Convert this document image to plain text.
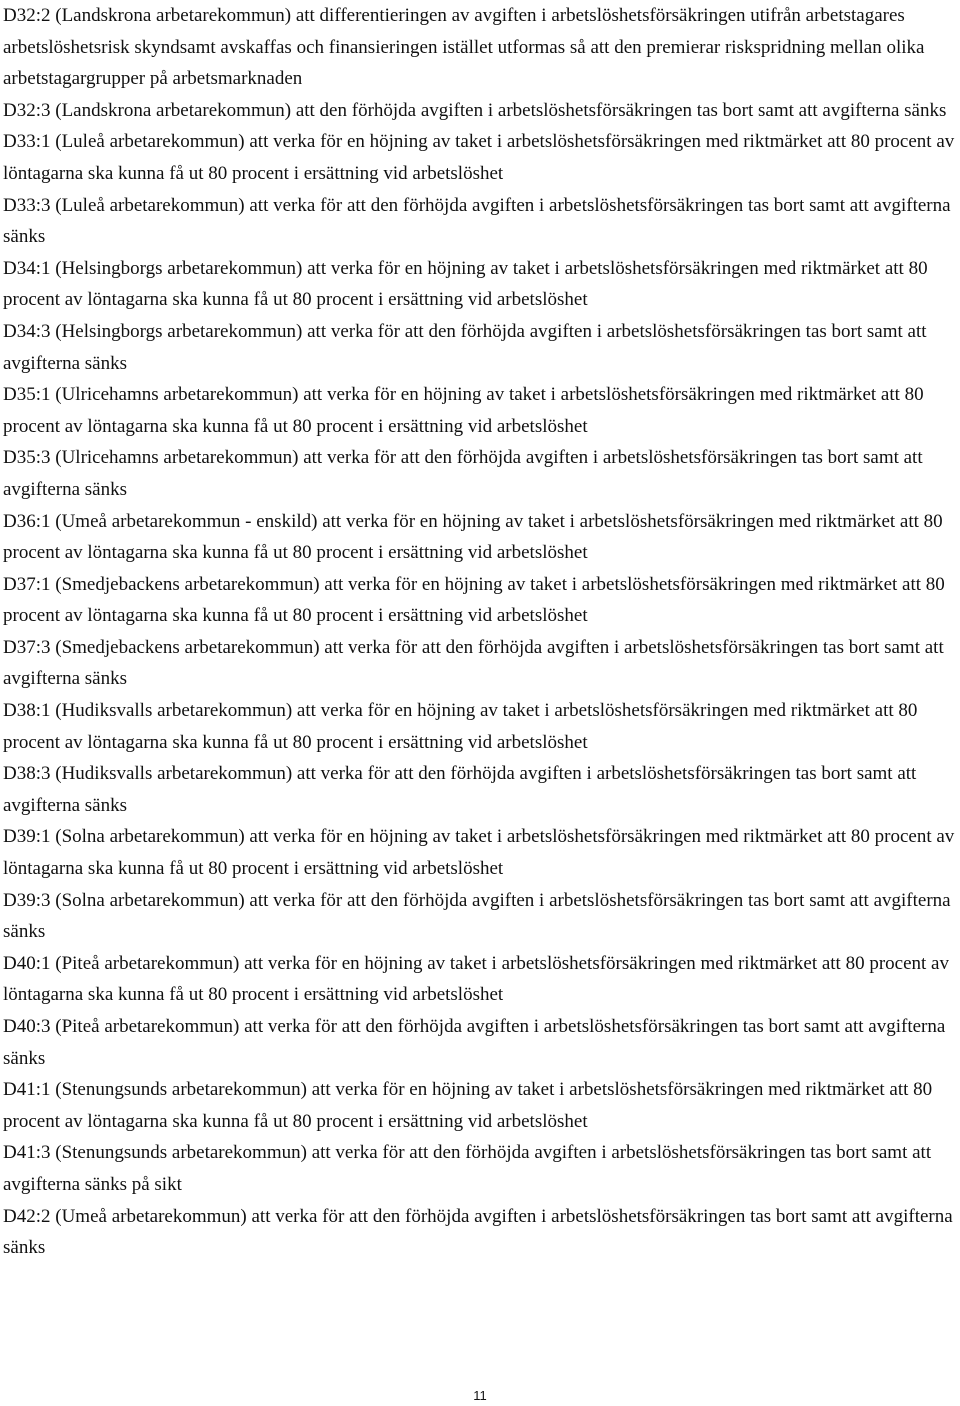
D32:2 (Landskrona arbetarekommun) att differentieringen av avgiften i arbetslöshetsförsäkringen utifrån arbetstagares arbetslöshetsrisk skyndsamt avskaffas och finansieringen istället utformas så att den premierar riskspridning mellan olika arbetstagargrupper på arbetsmarknaden

D32:3 (Landskrona arbetarekommun) att den förhöjda avgiften i arbetslöshetsförsäkringen tas bort samt att avgifterna sänks

D33:1 (Luleå arbetarekommun) att verka för en höjning av taket i arbetslöshetsförsäkringen med riktmärket att 80 procent av löntagarna ska kunna få ut 80 procent i ersättning vid arbetslöshet

D33:3 (Luleå arbetarekommun) att verka för att den förhöjda avgiften i arbetslöshetsförsäkringen tas bort samt att avgifterna sänks

D34:1 (Helsingborgs arbetarekommun) att verka för en höjning av taket i arbetslöshetsförsäkringen med riktmärket att 80 procent av löntagarna ska kunna få ut 80 procent i ersättning vid arbetslöshet

D34:3 (Helsingborgs arbetarekommun) att verka för att den förhöjda avgiften i arbetslöshetsförsäkringen tas bort samt att avgifterna sänks

D35:1 (Ulricehamns arbetarekommun) att verka för en höjning av taket i arbetslöshetsförsäkringen med riktmärket att 80 procent av löntagarna ska kunna få ut 80 procent i ersättning vid arbetslöshet

D35:3 (Ulricehamns arbetarekommun) att verka för att den förhöjda avgiften i arbetslöshetsförsäkringen tas bort samt att avgifterna sänks

D36:1 (Umeå arbetarekommun - enskild) att verka för en höjning av taket i arbetslöshetsförsäkringen med riktmärket att 80 procent av löntagarna ska kunna få ut 80 procent i ersättning vid arbetslöshet

D37:1 (Smedjebackens arbetarekommun) att verka för en höjning av taket i arbetslöshetsförsäkringen med riktmärket att 80 procent av löntagarna ska kunna få ut 80 procent i ersättning vid arbetslöshet

D37:3 (Smedjebackens arbetarekommun) att verka för att den förhöjda avgiften i arbetslöshetsförsäkringen tas bort samt att avgifterna sänks

D38:1 (Hudiksvalls arbetarekommun) att verka för en höjning av taket i arbetslöshetsförsäkringen med riktmärket att 80 procent av löntagarna ska kunna få ut 80 procent i ersättning vid arbetslöshet

D38:3 (Hudiksvalls arbetarekommun) att verka för att den förhöjda avgiften i arbetslöshetsförsäkringen tas bort samt att avgifterna sänks

D39:1 (Solna arbetarekommun) att verka för en höjning av taket i arbetslöshetsförsäkringen med riktmärket att 80 procent av löntagarna ska kunna få ut 80 procent i ersättning vid arbetslöshet

D39:3 (Solna arbetarekommun) att verka för att den förhöjda avgiften i arbetslöshetsförsäkringen tas bort samt att avgifterna sänks

D40:1 (Piteå arbetarekommun) att verka för en höjning av taket i arbetslöshetsförsäkringen med riktmärket att 80 procent av löntagarna ska kunna få ut 80 procent i ersättning vid arbetslöshet

D40:3 (Piteå arbetarekommun) att verka för att den förhöjda avgiften i arbetslöshetsförsäkringen tas bort samt att avgifterna sänks

D41:1 (Stenungsunds arbetarekommun) att verka för en höjning av taket i arbetslöshetsförsäkringen med riktmärket att 80 procent av löntagarna ska kunna få ut 80 procent i ersättning vid arbetslöshet

D41:3 (Stenungsunds arbetarekommun) att verka för att den förhöjda avgiften i arbetslöshetsförsäkringen tas bort samt att avgifterna sänks på sikt

D42:2 (Umeå arbetarekommun) att verka för att den förhöjda avgiften i arbetslöshetsförsäkringen tas bort samt att avgifterna sänks

11
